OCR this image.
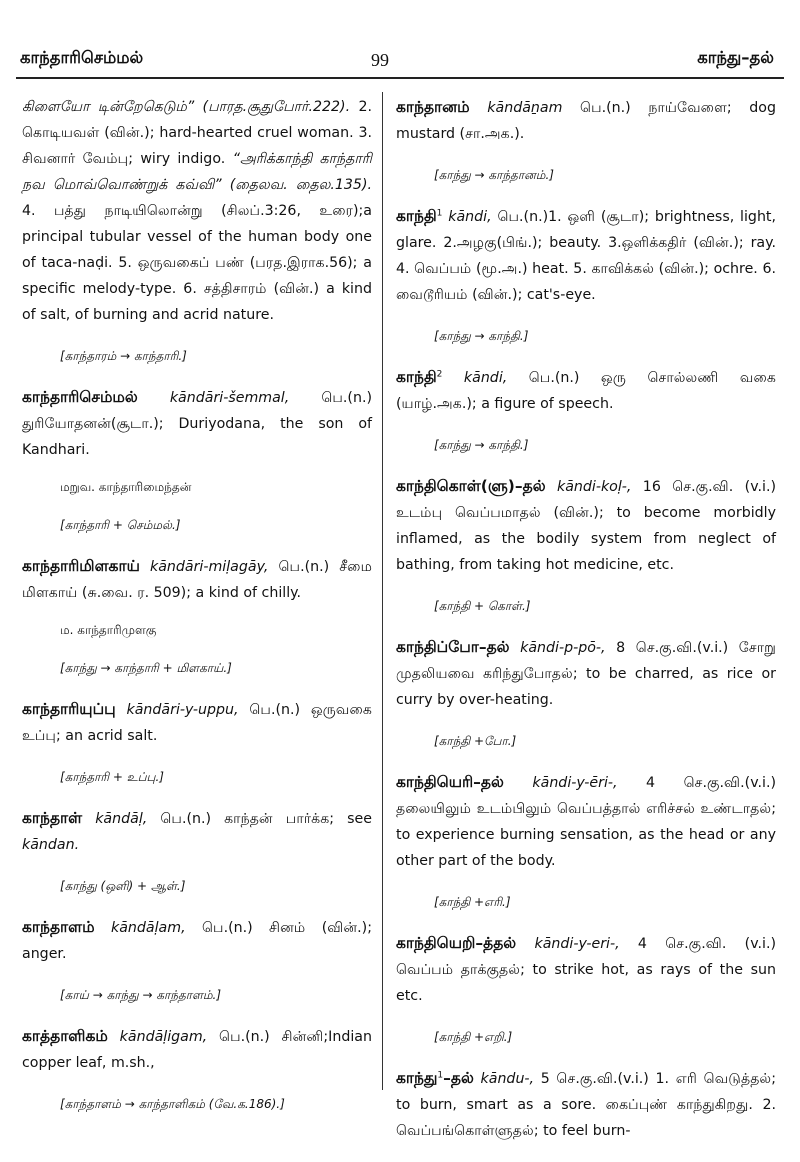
காந்தாரிசெம்மல்	99	காந்து–தல்

கிளையோ டின்றேகெடும்” (பாரத.சூதுபோர்.222). 2. கொடியவள் (வின்.); hard-hearted cruel woman. 3. சிவனார் வேம்பு; wiry indigo. “அரிக்காந்தி காந்தாரி நவ மொவ்வொண்றுக் கவ்வி” (தைலவ. தைல.135). 4. பத்து நாடியிலொன்று (சிலப்.3:26, உரை);a principal tubular vessel of the human body one of taca-naḍi. 5. ஒருவகைப் பண் (பரத.இராக.56); a specific melody-type. 6. சத்திசாரம் (வின்.) a kind of salt, of burning and acrid nature.

[காந்தாரம் → காந்தாரி.]

காந்தாரிசெம்மல் kāndāri-šemmal, பெ.(n.) துரியோதனன்(சூடா.); Duriyodana, the son of Kandhari.

மறுவ. காந்தாரிமைந்தன்
[காந்தாரி + செம்மல்.]

காந்தாரிமிளகாய் kāndāri-miḷagāy, பெ.(n.) சீமை மிளகாய் (சு.வை. ர. 509); a kind of chilly.

ம. காந்தாரிமுளகு
[காந்து → காந்தாரி + மிளகாய்.]

காந்தாரியுப்பு kāndāri-y-uppu, பெ.(n.) ஒருவகை உப்பு; an acrid salt.

[காந்தாரி + உப்பு.]

காந்தாள் kāndāḷ, பெ.(n.) காந்தன் பார்க்க; see kāndan.

[காந்து (ஒளி) + ஆள்.]

காந்தாளம் kāndāḷam, பெ.(n.) சினம் (வின்.); anger.

[காய் → காந்து → காந்தாளம்.]

காத்தாளிகம் kāndāḷigam, பெ.(n.) சின்னி;Indian copper leaf, m.sh.,

[காந்தாளம் → காந்தாளிகம் (வே.க.186).]

காந்தானம் kāndāṉam பெ.(n.) நாய்வேளை; dog mustard (சா.அக.).

[காந்து → காந்தானம்.]

காந்தி$^1$ kāndi, பெ.(n.)1. ஒளி (சூடா); brightness, light, glare. 2.அழகு(பிங்.); beauty. 3.ஒளிக்கதிர் (வின்.); ray. 4. வெப்பம் (மூ.அ.) heat. 5. காவிக்கல் (வின்.); ochre. 6. வைடூரியம் (வின்.); cat's-eye.

[காந்து → காந்தி.]

காந்தி$^2$ kāndi, பெ.(n.) ஒரு சொல்லணி வகை (யாழ்.அக.); a figure of speech.

[காந்து → காந்தி.]

காந்திகொள்(ளு)–தல் kāndi-koḷ-, 16 செ.கு.வி. (v.i.) உடம்பு வெப்பமாதல் (வின்.); to become morbidly inflamed, as the bodily system from neglect of bathing, from taking hot medicine, etc.

[காந்தி + கொள்.]

காந்திப்போ–தல் kāndi-p-pō-, 8 செ.கு.வி.(v.i.) சோறு முதலியவை கரிந்துபோதல்; to be charred, as rice or curry by over-heating.

[காந்தி +போ.]

காந்தியெரி–தல் kāndi-y-ēri-, 4 செ.கு.வி.(v.i.) தலையிலும் உடம்பிலும் வெப்பத்தால் எரிச்சல் உண்டாதல்; to experience burning sensation, as the head or any other part of the body.

[காந்தி +எரி.]

காந்தியெறி–த்தல் kāndi-y-eri-, 4 செ.கு.வி. (v.i.) வெப்பம் தாக்குதல்; to strike hot, as rays of the sun etc.

[காந்தி +எறி.]

காந்து$^1$–தல் kāndu-, 5 செ.கு.வி.(v.i.) 1. எரி வெடுத்தல்; to burn, smart as a sore. கைப்புண் காந்துகிறது. 2. வெப்பங்கொள்ளுதல்; to feel burn-
